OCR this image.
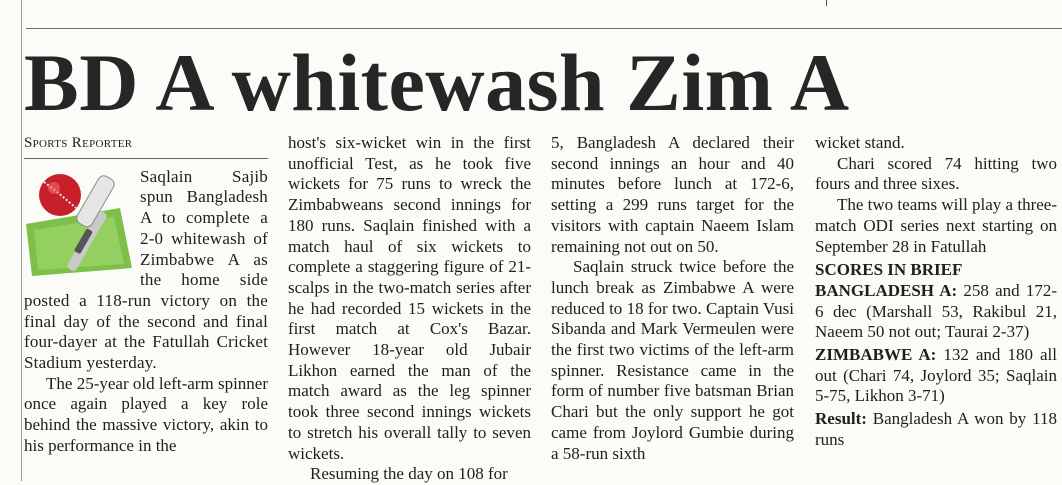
BD A whitewash Zim A

Sports Reporter

Saqlain Sajib spun Bangladesh A to complete a 2-0 whitewash of Zimbabwe A as the home side posted a 118-run victory on the final day of the second and final four-dayer at the Fatullah Cricket Stadium yesterday.

The 25-year old left-arm spinner once again played a key role behind the massive victory, akin to his performance in the

host's six-wicket win in the first unofficial Test, as he took five wickets for 75 runs to wreck the Zimbabweans second innings for 180 runs. Saqlain finished with a match haul of six wickets to complete a staggering figure of 21-scalps in the two-match series after he had recorded 15 wickets in the first match at Cox's Bazar. However 18-year old Jubair Likhon earned the man of the match award as the leg spinner took three second innings wickets to stretch his overall tally to seven wickets.

Resuming the day on 108 for

5, Bangladesh A declared their second innings an hour and 40 minutes before lunch at 172-6, setting a 299 runs target for the visitors with captain Naeem Islam remaining not out on 50.

Saqlain struck twice before the lunch break as Zimbabwe A were reduced to 18 for two. Captain Vusi Sibanda and Mark Vermeulen were the first two victims of the left-arm spinner. Resistance came in the form of number five batsman Brian Chari but the only support he got came from Joylord Gumbie during a 58-run sixth

wicket stand.

Chari scored 74 hitting two fours and three sixes.

The two teams will play a three-match ODI series next starting on September 28 in Fatullah

SCORES IN BRIEF

BANGLADESH A: 258 and 172-6 dec (Marshall 53, Rakibul 21, Naeem 50 not out; Taurai 2-37)

ZIMBABWE A: 132 and 180 all out (Chari 74, Joylord 35; Saqlain 5-75, Likhon 3-71)

Result: Bangladesh A won by 118 runs
